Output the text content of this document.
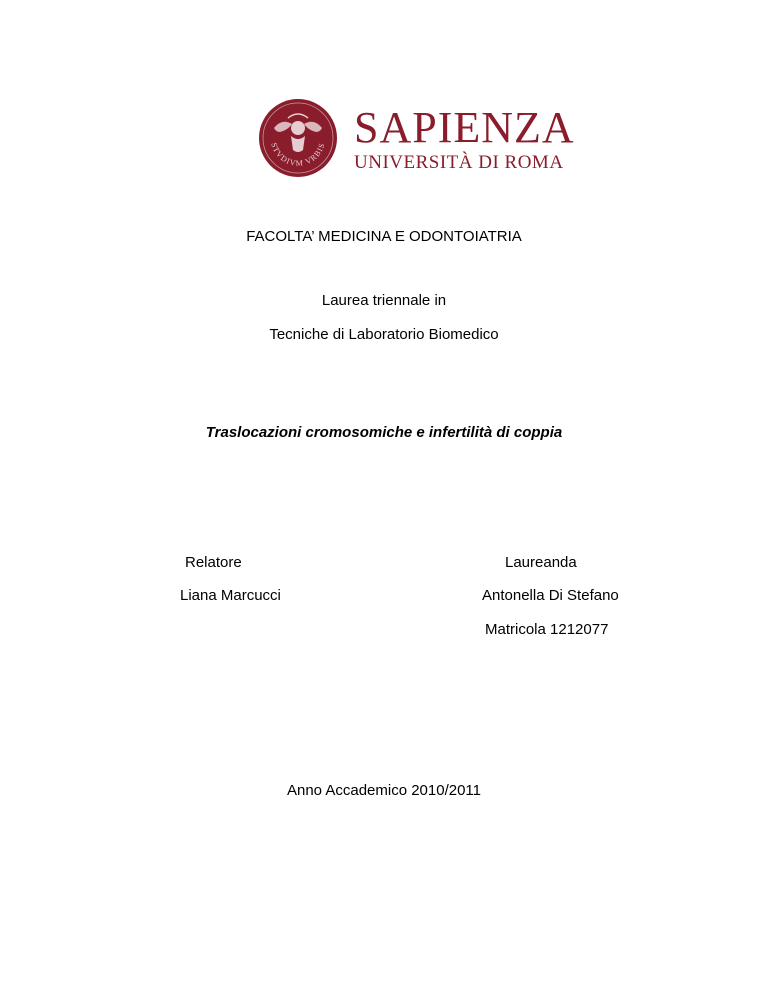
STVDIVM VRBIS SAPIENZA
UNIVERSITÀ DI ROMA
FACOLTA’ MEDICINA E ODONTOIATRIA
Laurea triennale in
Tecniche di Laboratorio Biomedico
Traslocazioni cromosomiche e infertilità di coppia
Relatore
Liana Marcucci
Laureanda
Antonella Di Stefano
Matricola 1212077
Anno Accademico 2010/2011
